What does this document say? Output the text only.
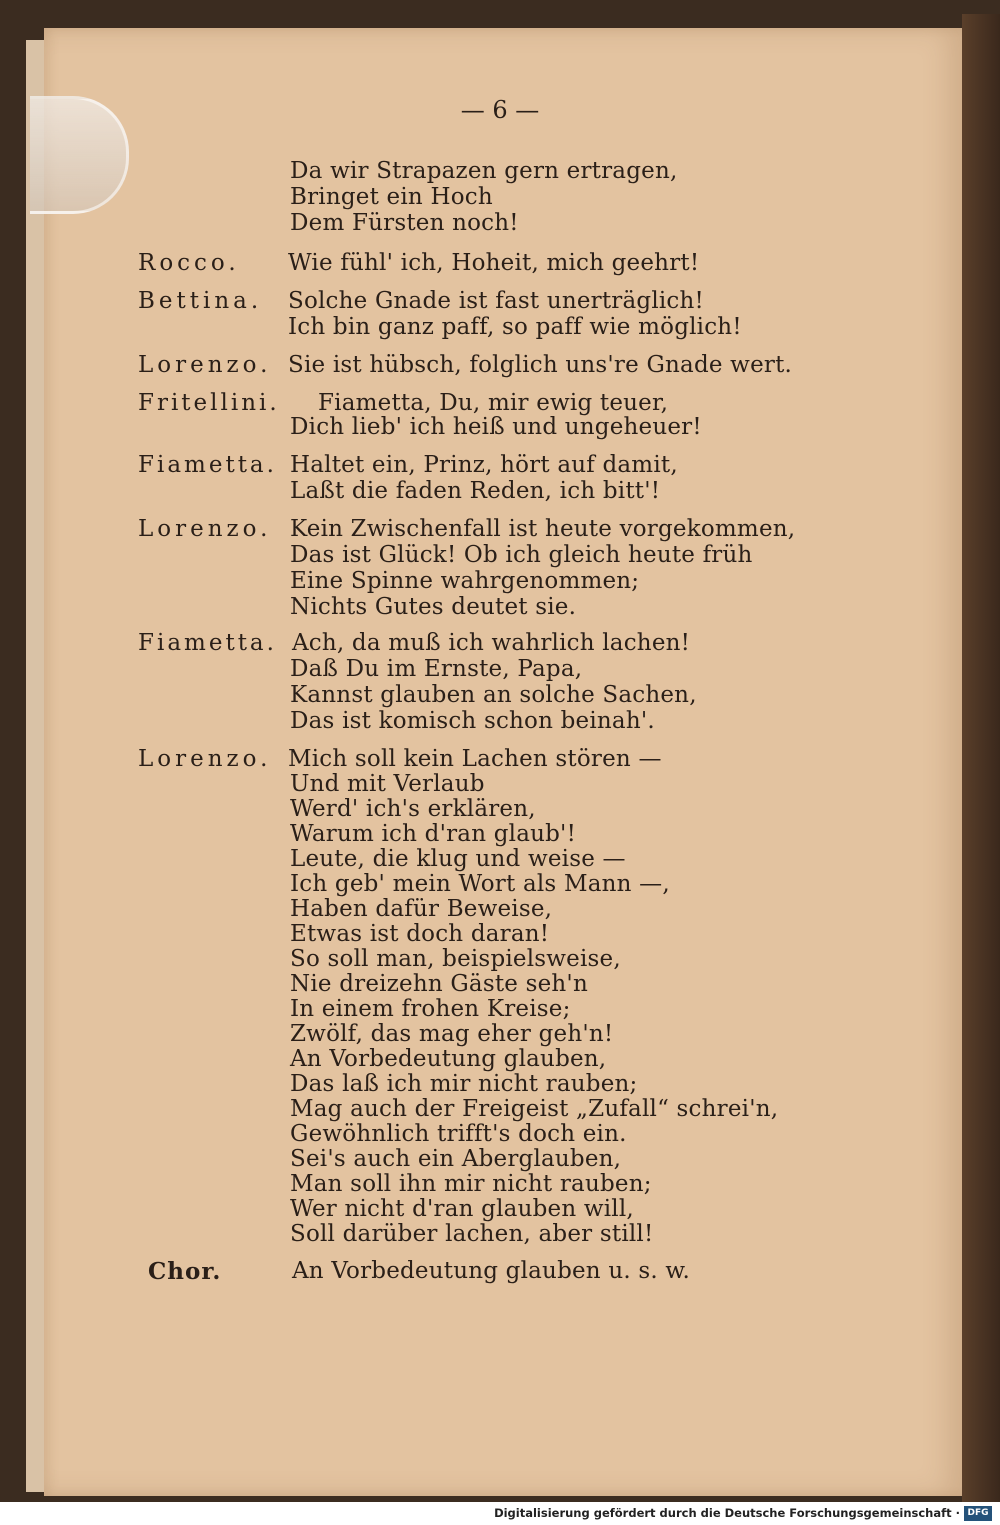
— 6 —
Da wir Strapazen gern ertragen,
Bringet ein Hoch
Dem Fürsten noch!
Rocco. Wie fühl' ich, Hoheit, mich geehrt!
Bettina. Solche Gnade ist fast unerträglich!
Ich bin ganz paff, so paff wie möglich!
Lorenzo. Sie ist hübsch, folglich uns're Gnade wert.
Fritellini. Fiametta, Du, mir ewig teuer,
Dich lieb' ich heiß und ungeheuer!
Fiametta. Haltet ein, Prinz, hört auf damit,
Laßt die faden Reden, ich bitt'!
Lorenzo. Kein Zwischenfall ist heute vorgekommen,
Das ist Glück! Ob ich gleich heute früh
Eine Spinne wahrgenommen;
Nichts Gutes deutet sie.
Fiametta. Ach, da muß ich wahrlich lachen!
Daß Du im Ernste, Papa,
Kannst glauben an solche Sachen,
Das ist komisch schon beinah'.
Lorenzo. Mich soll kein Lachen stören —
Und mit Verlaub
Werd' ich's erklären,
Warum ich d'ran glaub'!
Leute, die klug und weise —
Ich geb' mein Wort als Mann —,
Haben dafür Beweise,
Etwas ist doch daran!
So soll man, beispielsweise,
Nie dreizehn Gäste seh'n
In einem frohen Kreise;
Zwölf, das mag eher geh'n!
An Vorbedeutung glauben,
Das laß ich mir nicht rauben;
Mag auch der Freigeist „Zufall“ schrei'n,
Gewöhnlich trifft's doch ein.
Sei's auch ein Aberglauben,
Man soll ihn mir nicht rauben;
Wer nicht d'ran glauben will,
Soll darüber lachen, aber still!
Chor.	An Vorbedeutung glauben u. s. w.
Digitalisierung gefördert durch die Deutsche Forschungsgemeinschaft · DFG
